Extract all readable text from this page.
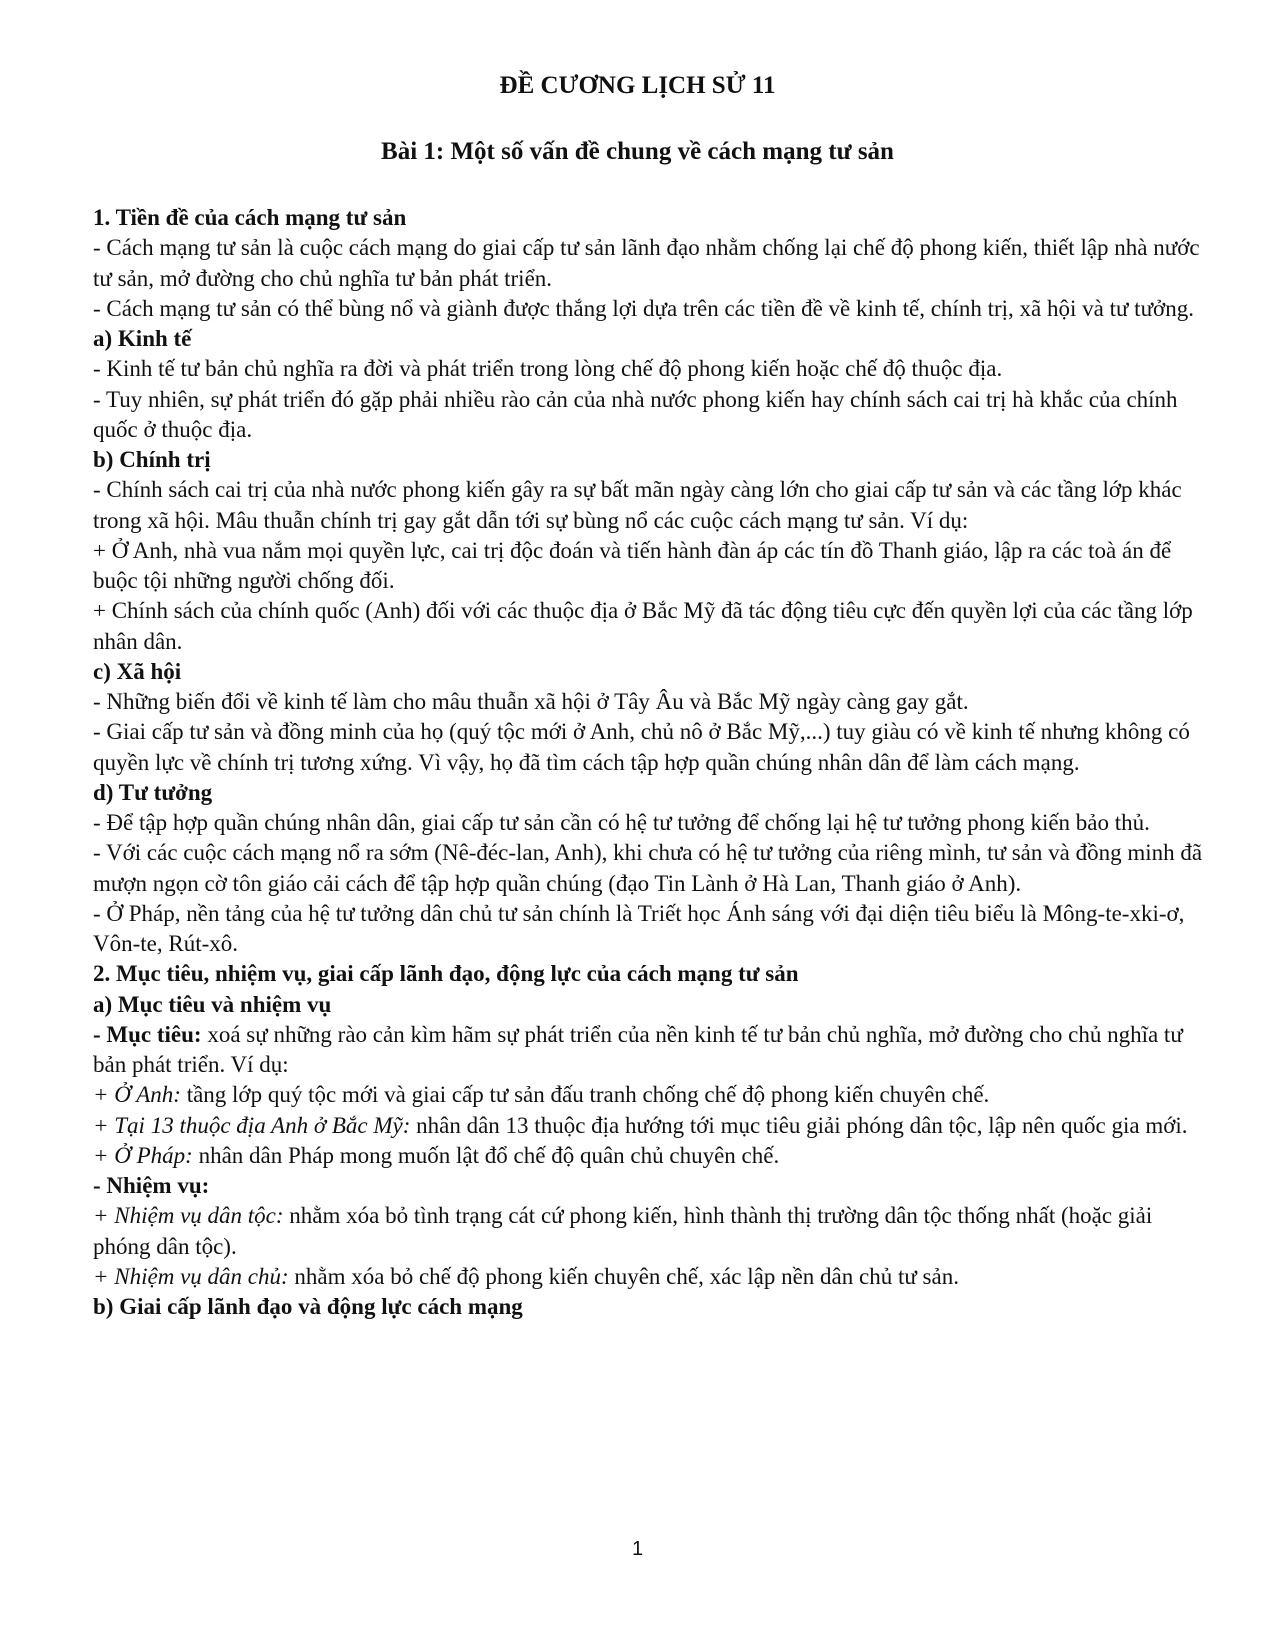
ĐỀ CƯƠNG LỊCH SỬ 11
Bài 1: Một số vấn đề chung về cách mạng tư sản

1. Tiền đề của cách mạng tư sản

- Cách mạng tư sản là cuộc cách mạng do giai cấp tư sản lãnh đạo nhằm chống lại chế độ phong kiến, thiết lập nhà nước tư sản, mở đường cho chủ nghĩa tư bản phát triển.

- Cách mạng tư sản có thể bùng nổ và giành được thắng lợi dựa trên các tiền đề về kinh tế, chính trị, xã hội và tư tưởng.

a) Kinh tế

- Kinh tế tư bản chủ nghĩa ra đời và phát triển trong lòng chế độ phong kiến hoặc chế độ thuộc địa.

- Tuy nhiên, sự phát triển đó gặp phải nhiều rào cản của nhà nước phong kiến hay chính sách cai trị hà khắc của chính quốc ở thuộc địa.

b) Chính trị

- Chính sách cai trị của nhà nước phong kiến gây ra sự bất mãn ngày càng lớn cho giai cấp tư sản và các tầng lớp khác trong xã hội. Mâu thuẫn chính trị gay gắt dẫn tới sự bùng nổ các cuộc cách mạng tư sản. Ví dụ:

+ Ở Anh, nhà vua nắm mọi quyền lực, cai trị độc đoán và tiến hành đàn áp các tín đồ Thanh giáo, lập ra các toà án để buộc tội những người chống đối.

+ Chính sách của chính quốc (Anh) đối với các thuộc địa ở Bắc Mỹ đã tác động tiêu cực đến quyền lợi của các tầng lớp nhân dân.

c) Xã hội

- Những biến đổi về kinh tế làm cho mâu thuẫn xã hội ở Tây Âu và Bắc Mỹ ngày càng gay gắt.

- Giai cấp tư sản và đồng minh của họ (quý tộc mới ở Anh, chủ nô ở Bắc Mỹ,...) tuy giàu có về kinh tế nhưng không có quyền lực về chính trị tương xứng. Vì vậy, họ đã tìm cách tập hợp quần chúng nhân dân để làm cách mạng.

d) Tư tưởng

- Để tập hợp quần chúng nhân dân, giai cấp tư sản cần có hệ tư tưởng để chống lại hệ tư tưởng phong kiến bảo thủ.

- Với các cuộc cách mạng nổ ra sớm (Nê-đéc-lan, Anh), khi chưa có hệ tư tưởng của riêng mình, tư sản và đồng minh đã mượn ngọn cờ tôn giáo cải cách để tập hợp quần chúng (đạo Tin Lành ở Hà Lan, Thanh giáo ở Anh).

- Ở Pháp, nền tảng của hệ tư tưởng dân chủ tư sản chính là Triết học Ánh sáng với đại diện tiêu biểu là Mông-te-xki-ơ, Vôn-te, Rút-xô.

2. Mục tiêu, nhiệm vụ, giai cấp lãnh đạo, động lực của cách mạng tư sản

a) Mục tiêu và nhiệm vụ

- Mục tiêu: xoá sự những rào cản kìm hãm sự phát triển của nền kinh tế tư bản chủ nghĩa, mở đường cho chủ nghĩa tư bản phát triển. Ví dụ:

+ Ở Anh: tầng lớp quý tộc mới và giai cấp tư sản đấu tranh chống chế độ phong kiến chuyên chế.

+ Tại 13 thuộc địa Anh ở Bắc Mỹ: nhân dân 13 thuộc địa hướng tới mục tiêu giải phóng dân tộc, lập nên quốc gia mới.

+ Ở Pháp: nhân dân Pháp mong muốn lật đổ chế độ quân chủ chuyên chế.

- Nhiệm vụ:

+ Nhiệm vụ dân tộc: nhằm xóa bỏ tình trạng cát cứ phong kiến, hình thành thị trường dân tộc thống nhất (hoặc giải phóng dân tộc).

+ Nhiệm vụ dân chủ: nhằm xóa bỏ chế độ phong kiến chuyên chế, xác lập nền dân chủ tư sản.

b) Giai cấp lãnh đạo và động lực cách mạng

1
